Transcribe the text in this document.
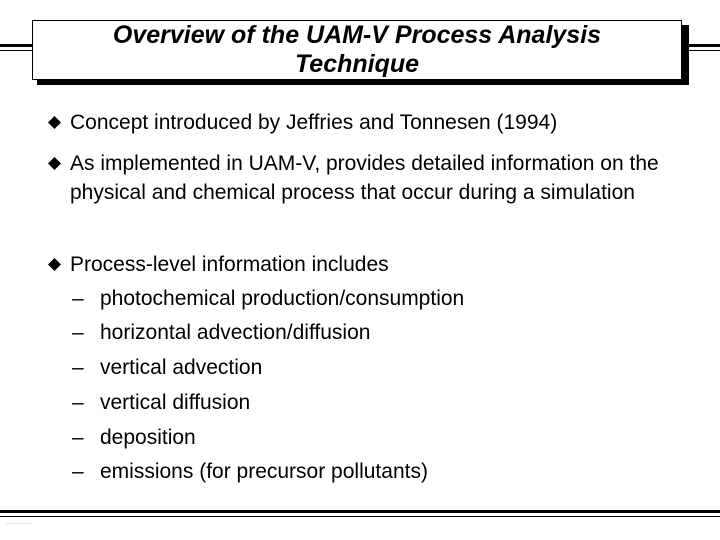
Overview of the UAM-V Process Analysis
Technique
Concept introduced by Jeffries and Tonnesen (1994)
As implemented in UAM-V, provides detailed information on the physical and chemical process that occur during a simulation
Process-level information includes
– photochemical production/consumption
– horizontal advection/diffusion
– vertical advection
– vertical diffusion
– deposition
– emissions (for precursor pollutants)
…… …… ……
